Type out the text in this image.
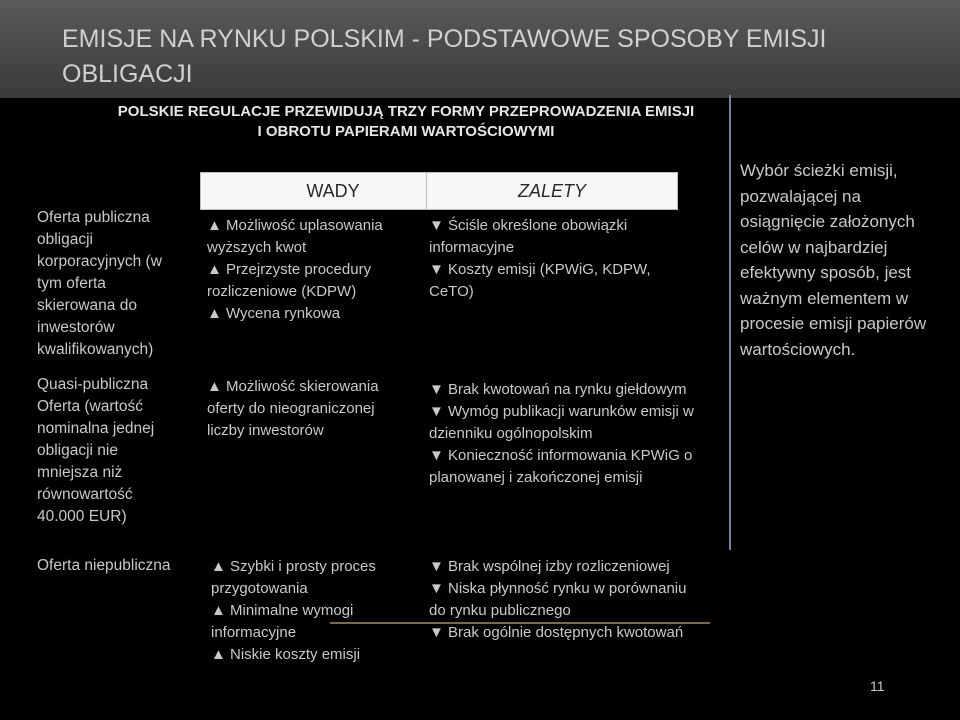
EMISJE NA RYNKU POLSKIM - PODSTAWOWE SPOSOBY EMISJI OBLIGACJI
POLSKIE REGULACJE PRZEWIDUJĄ TRZY FORMY PRZEPROWADZENIA EMISJI
I OBROTU PAPIERAMI WARTOŚCIOWYMI
WADY	ZALETY
Oferta publiczna obligacji korporacyjnych (w tym oferta skierowana do inwestorów kwalifikowanych)
▲ Możliwość uplasowania
wyższych kwot
▲ Przejrzyste procedury
rozliczeniowe (KDPW)
▲ Wycena rynkowa
▼ Ściśle określone obowiązki
informacyjne
▼ Koszty emisji (KPWiG, KDPW,
CeTO)
Quasi-publiczna Oferta (wartość nominalna jednej obligacji nie mniejsza niż równowartość 40.000 EUR)
▲ Możliwość skierowania
oferty do nieograniczonej
liczby inwestorów
▼ Brak kwotowań na rynku giełdowym
▼ Wymóg publikacji warunków emisji w
dzienniku ogólnopolskim
▼ Konieczność informowania KPWiG o
planowanej i zakończonej emisji
Oferta niepubliczna	▲ Szybki i prosty proces
przygotowania
▲ Minimalne wymogi
informacyjne
▲ Niskie koszty emisji
▼ Brak wspólnej izby rozliczeniowej
▼ Niska płynność rynku w porównaniu
do rynku publicznego
▼ Brak ogólnie dostępnych kwotowań
Wybór ścieżki emisji, pozwalającej na osiągnięcie założonych celów w najbardziej efektywny sposób, jest ważnym elementem w procesie emisji papierów wartościowych.
11
